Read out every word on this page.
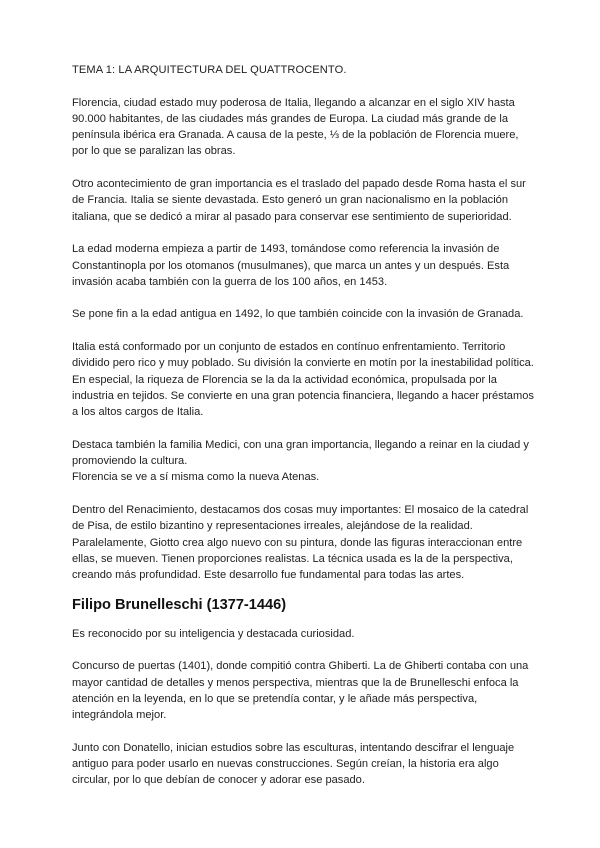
TEMA 1: LA ARQUITECTURA DEL QUATTROCENTO.

Florencia, ciudad estado muy poderosa de Italia, llegando a alcanzar en el siglo XIV hasta 90.000 habitantes, de las ciudades más grandes de Europa. La ciudad más grande de la península ibérica era Granada. A causa de la peste, ⅓ de la población de Florencia muere, por lo que se paralizan las obras.

Otro acontecimiento de gran importancia es el traslado del papado desde Roma hasta el sur de Francia. Italia se siente devastada. Esto generó un gran nacionalismo en la población italiana, que se dedicó a mirar al pasado para conservar ese sentimiento de superioridad.

La edad moderna empieza a partir de 1493, tomándose como referencia la invasión de Constantinopla por los otomanos (musulmanes), que marca un antes y un después. Esta invasión acaba también con la guerra de los 100 años, en 1453.

Se pone fin a la edad antigua en 1492, lo que también coincide con la invasión de Granada.

Italia está conformado por un conjunto de estados en contínuo enfrentamiento. Territorio dividido pero rico y muy poblado. Su división la convierte en motín por la inestabilidad política. En especial, la riqueza de Florencia se la da la actividad económica, propulsada por la industria en tejidos. Se convierte en una gran potencia financiera, llegando a hacer préstamos a los altos cargos de Italia.

Destaca también la familia Medici, con una gran importancia, llegando a reinar en la ciudad y promoviendo la cultura.

Florencia se ve a sí misma como la nueva Atenas.

Dentro del Renacimiento, destacamos dos cosas muy importantes: El mosaico de la catedral de Pisa, de estilo bizantino y representaciones irreales, alejándose de la realidad. Paralelamente, Giotto crea algo nuevo con su pintura, donde las figuras interaccionan entre ellas, se mueven. Tienen proporciones realistas. La técnica usada es la de la perspectiva, creando más profundidad. Este desarrollo fue fundamental para todas las artes.

Filipo Brunelleschi (1377-1446)

Es reconocido por su inteligencia y destacada curiosidad.

Concurso de puertas (1401), donde compitió contra Ghiberti. La de Ghiberti contaba con una mayor cantidad de detalles y menos perspectiva, mientras que la de Brunelleschi enfoca la atención en la leyenda, en lo que se pretendía contar, y le añade más perspectiva, integrándola mejor.

Junto con Donatello, inician estudios sobre las esculturas, intentando descifrar el lenguaje antiguo para poder usarlo en nuevas construcciones. Según creían, la historia era algo circular, por lo que debían de conocer y adorar ese pasado.
